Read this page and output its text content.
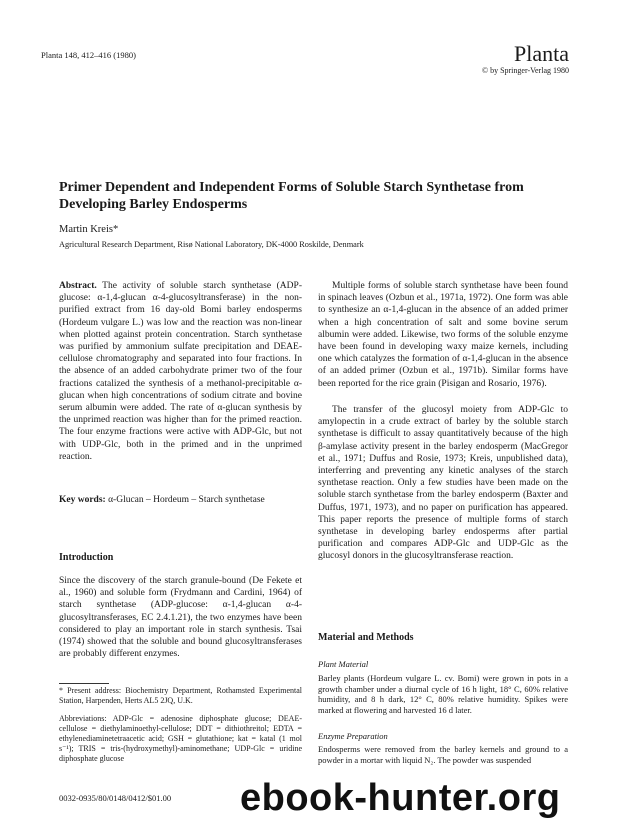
Planta 148, 412–416 (1980)	Planta
© by Springer-Verlag 1980
Primer Dependent and Independent Forms of Soluble Starch Synthetase from Developing Barley Endosperms
Martin Kreis*
Agricultural Research Department, Risø National Laboratory, DK-4000 Roskilde, Denmark
Abstract. The activity of soluble starch synthetase (ADP-glucose: α-1,4-glucan α-4-glucosyltransferase) in the non-purified extract from 16 day-old Bomi barley endosperms (Hordeum vulgare L.) was low and the reaction was non-linear when plotted against protein concentration. Starch synthetase was purified by ammonium sulfate precipitation and DEAE-cellulose chromatography and separated into four fractions. In the absence of an added carbohydrate primer two of the four fractions catalized the synthesis of a methanol-precipitable α-glucan when high concentrations of sodium citrate and bovine serum albumin were added. The rate of α-glucan synthesis by the unprimed reaction was higher than for the primed reaction. The four enzyme fractions were active with ADP-Glc, but not with UDP-Glc, both in the primed and in the unprimed reaction.
Key words: α-Glucan – Hordeum – Starch synthetase
Introduction
Since the discovery of the starch granule-bound (De Fekete et al., 1960) and soluble form (Frydmann and Cardini, 1964) of starch synthetase (ADP-glucose: α-1,4-glucan α-4-glucosyltransferases, EC 2.4.1.21), the two enzymes have been considered to play an important role in starch synthesis. Tsai (1974) showed that the soluble and bound glucosyltransferases are probably different enzymes.
* Present address: Biochemistry Department, Rothamsted Experimental Station, Harpenden, Herts AL5 2JQ, U.K.
Abbreviations: ADP-Glc = adenosine diphosphate glucose; DEAE-cellulose = diethylaminoethyl-cellulose; DDT = dithiothreitol; EDTA = ethylenediaminetetraacetic acid; GSH = glutathione; kat = katal (1 mol s⁻¹); TRIS = tris-(hydroxymethyl)-aminomethane; UDP-Glc = uridine diphosphate glucose
0032-0935/80/0148/0412/$01.00
Multiple forms of soluble starch synthetase have been found in spinach leaves (Ozbun et al., 1971a, 1972). One form was able to synthesize an α-1,4-glucan in the absence of an added primer when a high concentration of salt and some bovine serum albumin were added. Likewise, two forms of the soluble enzyme have been found in developing waxy maize kernels, including one which catalyzes the formation of α-1,4-glucan in the absence of an added primer (Ozbun et al., 1971b). Similar forms have been reported for the rice grain (Pisigan and Rosario, 1976).
The transfer of the glucosyl moiety from ADP-Glc to amylopectin in a crude extract of barley by the soluble starch synthetase is difficult to assay quantitatively because of the high β-amylase activity present in the barley endosperm (MacGregor et al., 1971; Duffus and Rosie, 1973; Kreis, unpublished data), interferring and preventing any kinetic analyses of the starch synthetase reaction. Only a few studies have been made on the soluble starch synthetase from the barley endosperm (Baxter and Duffus, 1971, 1973), and no paper on purification has appeared. This paper reports the presence of multiple forms of starch synthetase in developing barley endosperms after partial purification and compares ADP-Glc and UDP-Glc as the glucosyl donors in the glucosyltransferase reaction.
Material and Methods
Plant Material
Barley plants (Hordeum vulgare L. cv. Bomi) were grown in pots in a growth chamber under a diurnal cycle of 16 h light, 18° C, 60% relative humidity, and 8 h dark, 12° C, 80% relative humidity. Spikes were marked at flowering and harvested 16 d later.
Enzyme Preparation
Endosperms were removed from the barley kernels and ground to a powder in a mortar with liquid N₂. The powder was suspended
ebook-hunter.org
